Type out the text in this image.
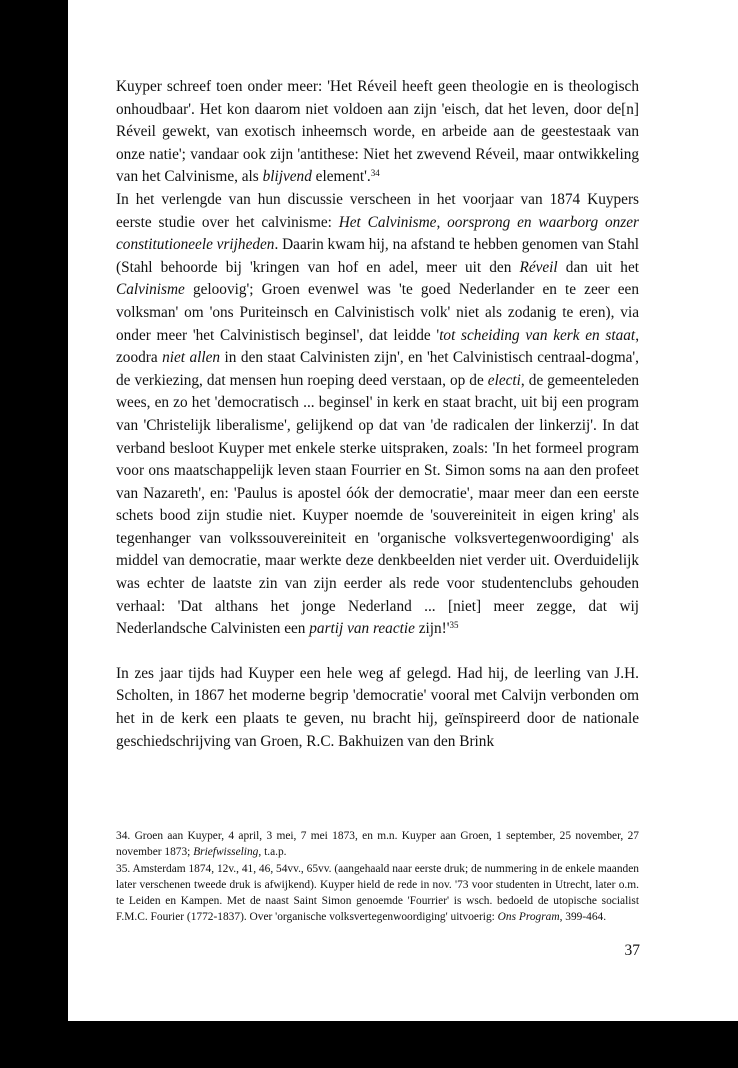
Kuyper schreef toen onder meer: 'Het Réveil heeft geen theologie en is theologisch onhoudbaar'. Het kon daarom niet voldoen aan zijn 'eisch, dat het leven, door de[n] Réveil gewekt, van exotisch inheemsch worde, en arbeide aan de geestestaak van onze natie'; vandaar ook zijn 'antithese: Niet het zwevend Réveil, maar ontwikkeling van het Calvinisme, als blijvend element'.$^{34}$

In het verlengde van hun discussie verscheen in het voorjaar van 1874 Kuypers eerste studie over het calvinisme: Het Calvinisme, oorsprong en waarborg onzer constitutioneele vrijheden. Daarin kwam hij, na afstand te hebben genomen van Stahl (Stahl behoorde bij 'kringen van hof en adel, meer uit den Réveil dan uit het Calvinisme geloovig'; Groen evenwel was 'te goed Nederlander en te zeer een volksman' om 'ons Puriteinsch en Calvinistisch volk' niet als zodanig te eren), via onder meer 'het Calvinistisch beginsel', dat leidde 'tot scheiding van kerk en staat, zoodra niet allen in den staat Calvinisten zijn', en 'het Calvinistisch centraal-dogma', de verkiezing, dat mensen hun roeping deed verstaan, op de electi, de gemeenteleden wees, en zo het 'democratisch ... beginsel' in kerk en staat bracht, uit bij een program van 'Christelijk liberalisme', gelijkend op dat van 'de radicalen der linkerzij'. In dat verband besloot Kuyper met enkele sterke uitspraken, zoals: 'In het formeel program voor ons maatschappelijk leven staan Fourrier en St. Simon soms na aan den profeet van Nazareth', en: 'Paulus is apostel óók der democratie', maar meer dan een eerste schets bood zijn studie niet. Kuyper noemde de 'souvereiniteit in eigen kring' als tegenhanger van volkssouvereiniteit en 'organische volksvertegenwoordiging' als middel van democratie, maar werkte deze denkbeelden niet verder uit. Overduidelijk was echter de laatste zin van zijn eerder als rede voor studentenclubs gehouden verhaal: 'Dat althans het jonge Nederland ... [niet] meer zegge, dat wij Nederlandsche Calvinisten een partij van reactie $zijn!'^{35}$

In zes jaar tijds had Kuyper een hele weg af gelegd. Had hij, de leerling van J.H. Scholten, in 1867 het moderne begrip 'democratie' vooral met Calvijn verbonden om het in de kerk een plaats te geven, nu bracht hij, geïnspireerd door de nationale geschiedschrijving van Groen, R.C. Bakhuizen van den Brink

34. Groen aan Kuyper, 4 april, 3 mei, 7 mei 1873, en m.n. Kuyper aan Groen, 1 september, 25 november, 27 november 1873; Briefwisseling, t.a.p.

35. Amsterdam 1874, 12v., 41, 46, 54vv., 65vv. (aangehaald naar eerste druk; de nummering in de enkele maanden later verschenen tweede druk is afwijkend). Kuyper hield de rede in nov. '73 voor studenten in Utrecht, later o.m. te Leiden en Kampen. Met de naast Saint Simon genoemde 'Fourrier' is wsch. bedoeld de utopische socialist F.M.C. Fourier (1772-1837). Over 'organische volksvertegenwoordiging' uitvoerig: Ons Program, 399-464.

37
